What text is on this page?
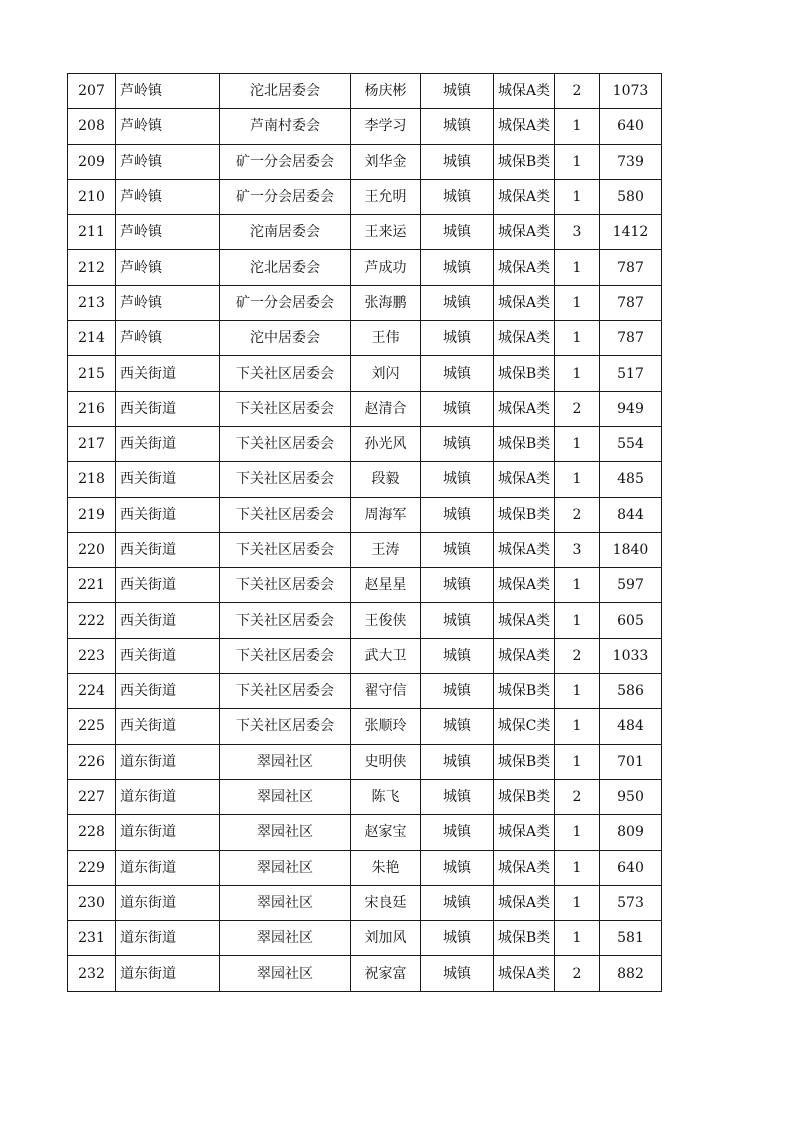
207	芦岭镇	沱北居委会	杨庆彬	城镇	城保A类	2	1073
208	芦岭镇	芦南村委会	李学习	城镇	城保A类	1	640
209	芦岭镇	矿一分会居委会	刘华金	城镇	城保B类	1	739
210	芦岭镇	矿一分会居委会	王允明	城镇	城保A类	1	580
211	芦岭镇	沱南居委会	王来运	城镇	城保A类	3	1412
212	芦岭镇	沱北居委会	芦成功	城镇	城保A类	1	787
213	芦岭镇	矿一分会居委会	张海鹏	城镇	城保A类	1	787
214	芦岭镇	沱中居委会	王伟	城镇	城保A类	1	787
215	西关街道	下关社区居委会	刘闪	城镇	城保B类	1	517
216	西关街道	下关社区居委会	赵清合	城镇	城保A类	2	949
217	西关街道	下关社区居委会	孙光风	城镇	城保B类	1	554
218	西关街道	下关社区居委会	段毅	城镇	城保A类	1	485
219	西关街道	下关社区居委会	周海军	城镇	城保B类	2	844
220	西关街道	下关社区居委会	王涛	城镇	城保A类	3	1840
221	西关街道	下关社区居委会	赵星星	城镇	城保A类	1	597
222	西关街道	下关社区居委会	王俊侠	城镇	城保A类	1	605
223	西关街道	下关社区居委会	武大卫	城镇	城保A类	2	1033
224	西关街道	下关社区居委会	翟守信	城镇	城保B类	1	586
225	西关街道	下关社区居委会	张顺玲	城镇	城保C类	1	484
226	道东街道	翠园社区	史明侠	城镇	城保B类	1	701
227	道东街道	翠园社区	陈飞	城镇	城保B类	2	950
228	道东街道	翠园社区	赵家宝	城镇	城保A类	1	809
229	道东街道	翠园社区	朱艳	城镇	城保A类	1	640
230	道东街道	翠园社区	宋良廷	城镇	城保A类	1	573
231	道东街道	翠园社区	刘加风	城镇	城保B类	1	581
232	道东街道	翠园社区	祝家富	城镇	城保A类	2	882
